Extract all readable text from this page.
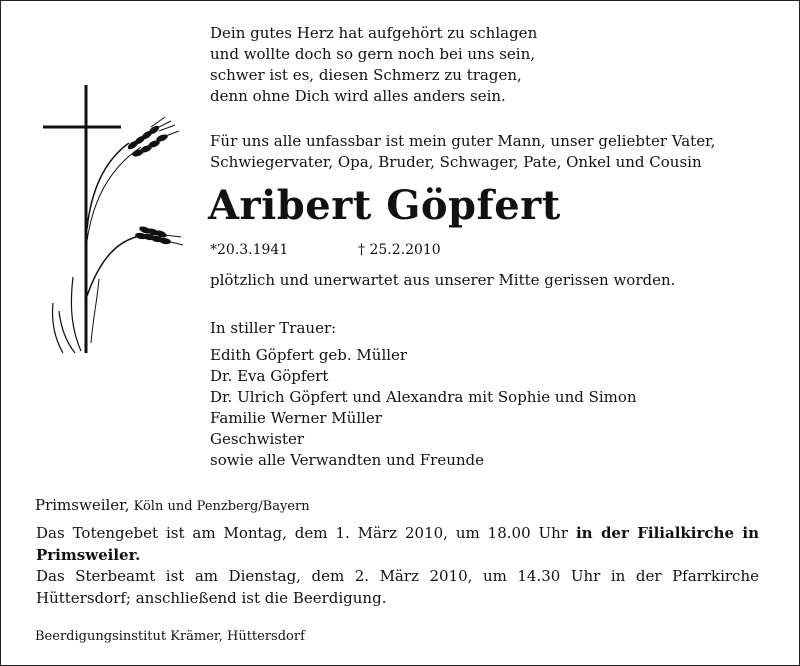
Dein gutes Herz hat aufgehört zu schlagen
und wollte doch so gern noch bei uns sein,
schwer ist es, diesen Schmerz zu tragen,
denn ohne Dich wird alles anders sein.
Für uns alle unfassbar ist mein guter Mann, unser geliebter Vater,
Schwiegervater, Opa, Bruder, Schwager, Pate, Onkel und Cousin
Aribert Göpfert
*20.3.1941	† 25.2.2010
plötzlich und unerwartet aus unserer Mitte gerissen worden.
In stiller Trauer:
Edith Göpfert geb. Müller
Dr. Eva Göpfert
Dr. Ulrich Göpfert und Alexandra mit Sophie und Simon
Familie Werner Müller
Geschwister
sowie alle Verwandten und Freunde
Primsweiler, Köln und Penzberg/Bayern

Das Totengebet ist am Montag, dem 1. März 2010, um 18.00 Uhr in der Filialkirche in Primsweiler.

Das Sterbeamt ist am Dienstag, dem 2. März 2010, um 14.30 Uhr in der Pfarrkirche Hüttersdorf; anschließend ist die Beerdigung.

Beerdigungsinstitut Krämer, Hüttersdorf
